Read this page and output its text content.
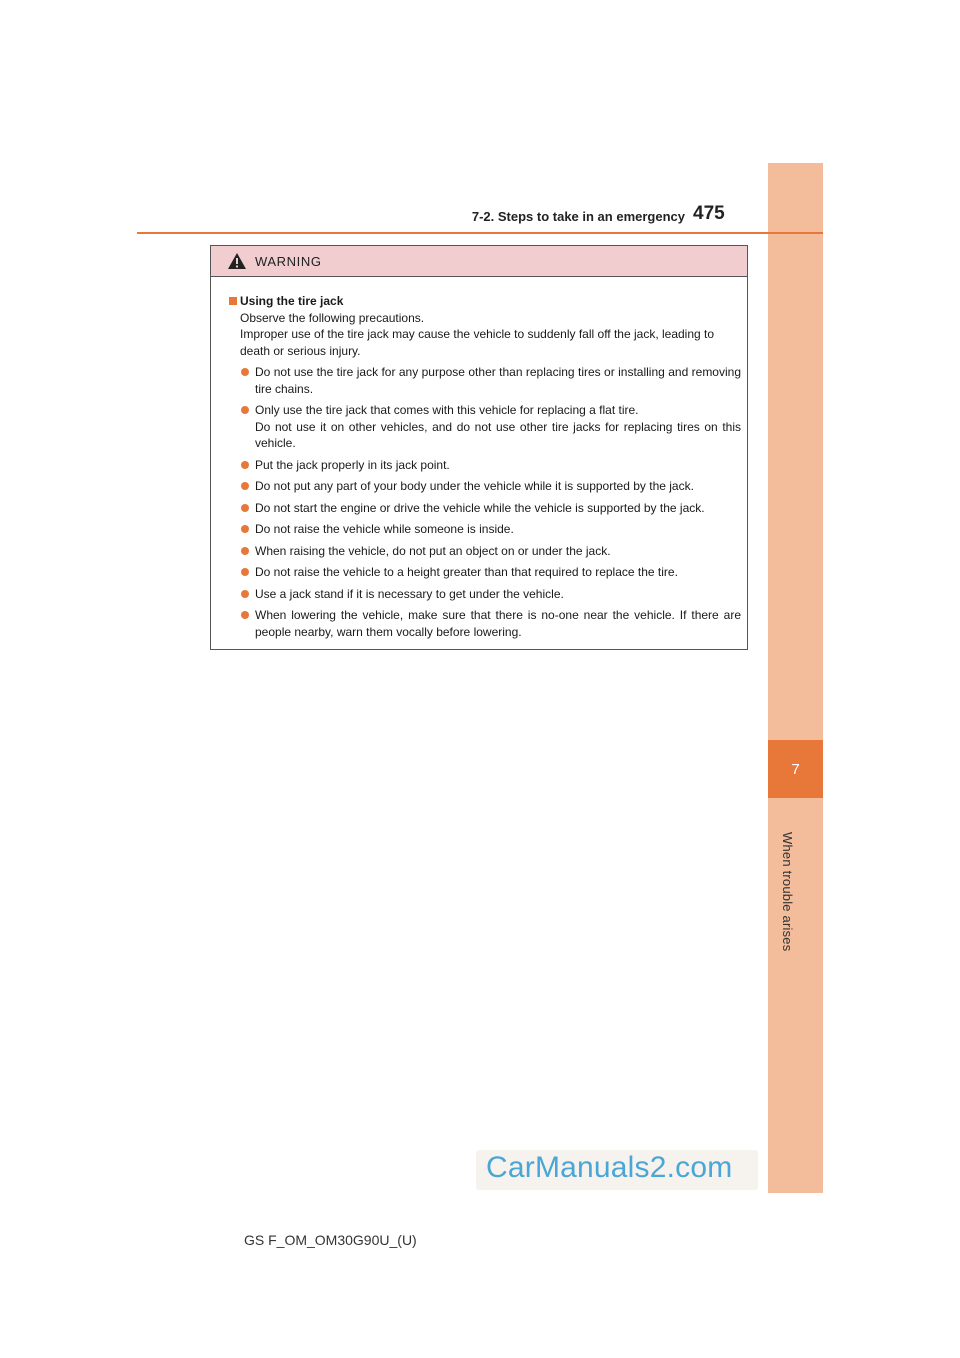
7
When trouble arises
7-2. Steps to take in an emergency 475
WARNING
Using the tire jack

Observe the following precautions.

Improper use of the tire jack may cause the vehicle to suddenly fall off the jack, leading to death or serious injury.

Do not use the tire jack for any purpose other than replacing tires or installing and removing tire chains.
Only use the tire jack that comes with this vehicle for replacing a flat tire.
Do not use it on other vehicles, and do not use other tire jacks for replacing tires on this vehicle.
Put the jack properly in its jack point.
Do not put any part of your body under the vehicle while it is supported by the jack.
Do not start the engine or drive the vehicle while the vehicle is supported by the jack.
Do not raise the vehicle while someone is inside.
When raising the vehicle, do not put an object on or under the jack.
Do not raise the vehicle to a height greater than that required to replace the tire.
Use a jack stand if it is necessary to get under the vehicle.
When lowering the vehicle, make sure that there is no-one near the vehicle. If there are people nearby, warn them vocally before lowering.
CarManuals2.com
GS F_OM_OM30G90U_(U)
